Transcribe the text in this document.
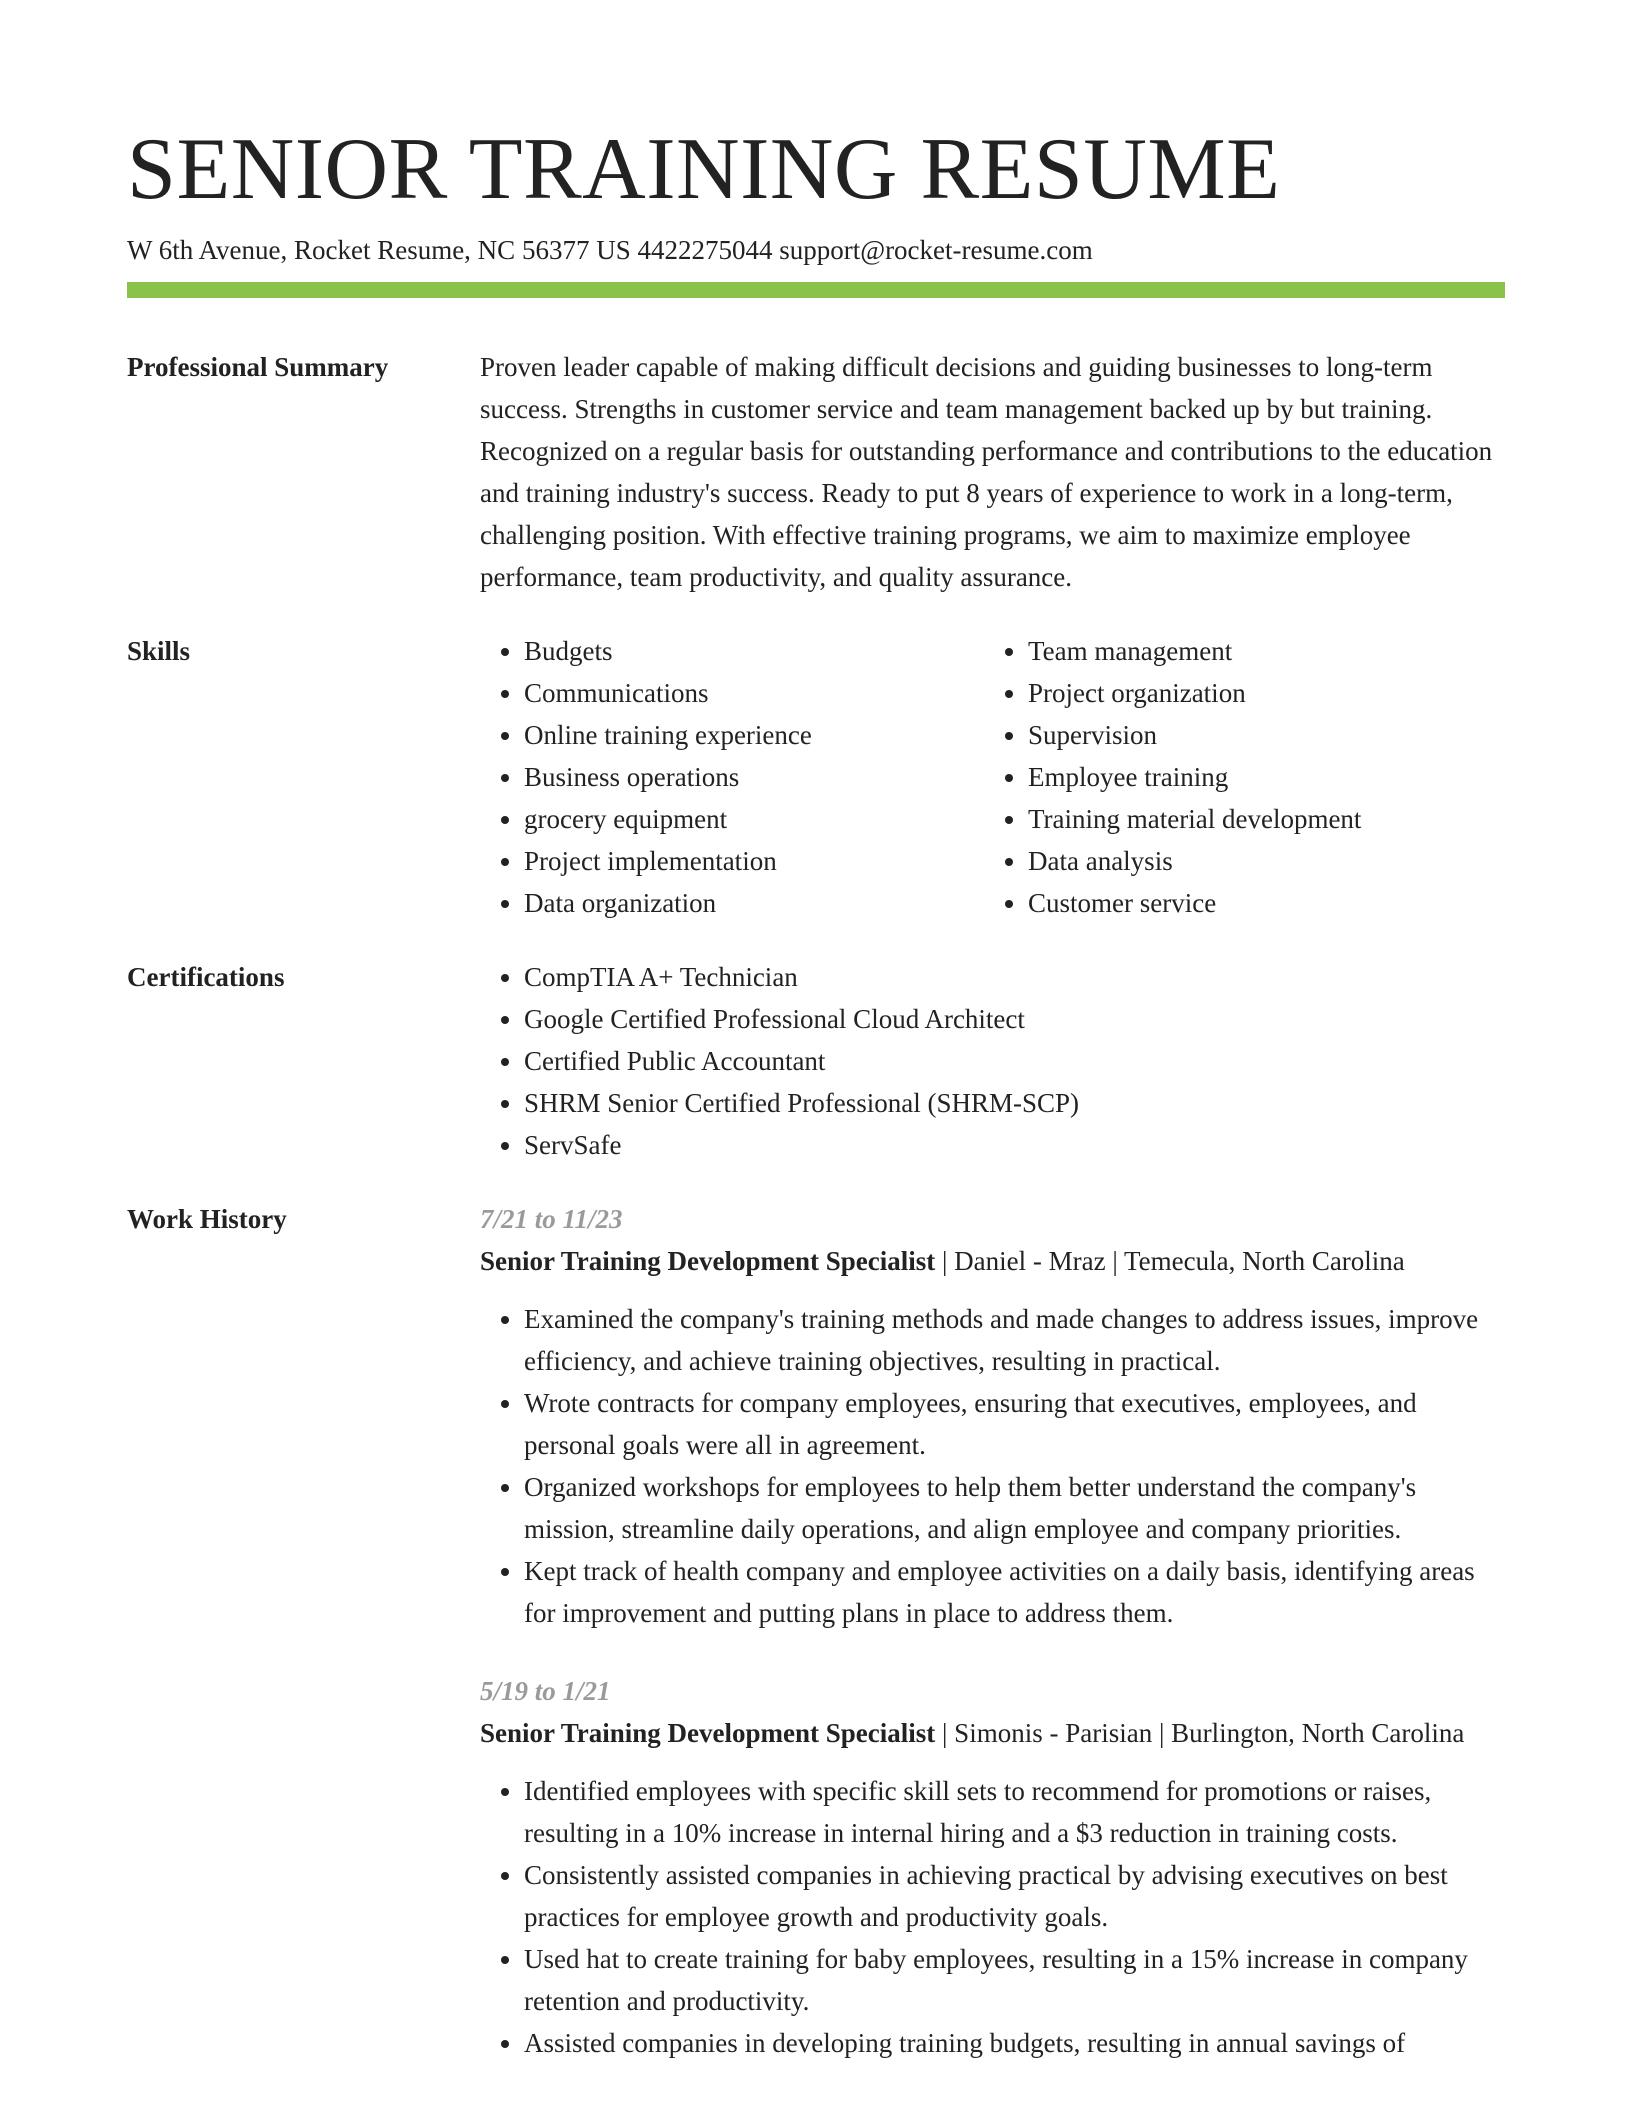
SENIOR TRAINING RESUME
W 6th Avenue, Rocket Resume, NC 56377 US 4422275044 support@rocket-resume.com
Professional Summary	Proven leader capable of making difficult decisions and guiding businesses to long-term success. Strengths in customer service and team management backed up by but training. Recognized on a regular basis for outstanding performance and contributions to the education and training industry's success. Ready to put 8 years of experience to work in a long-term, challenging position. With effective training programs, we aim to maximize employee performance, team productivity, and quality assurance.
Skills	• Budgets
• Communications
• Online training experience
• Business operations
• grocery equipment
• Project implementation
• Data organization
• Team management
• Project organization
• Supervision
• Employee training
• Training material development
• Data analysis
• Customer service
Certifications	• CompTIA A+ Technician
• Google Certified Professional Cloud Architect
• Certified Public Accountant
• SHRM Senior Certified Professional (SHRM-SCP)
• ServSafe
Work History	7/21 to 11/23
Senior Training Development Specialist | Daniel - Mraz | Temecula, North Carolina
• Examined the company's training methods and made changes to address issues, improve efficiency, and achieve training objectives, resulting in practical.
• Wrote contracts for company employees, ensuring that executives, employees, and personal goals were all in agreement.
• Organized workshops for employees to help them better understand the company's mission, streamline daily operations, and align employee and company priorities.
• Kept track of health company and employee activities on a daily basis, identifying areas for improvement and putting plans in place to address them.
5/19 to 1/21
Senior Training Development Specialist | Simonis - Parisian | Burlington, North Carolina
• Identified employees with specific skill sets to recommend for promotions or raises, resulting in a 10% increase in internal hiring and a $3 reduction in training costs.
• Consistently assisted companies in achieving practical by advising executives on best practices for employee growth and productivity goals.
• Used hat to create training for baby employees, resulting in a 15% increase in company retention and productivity.
• Assisted companies in developing training budgets, resulting in annual savings of
